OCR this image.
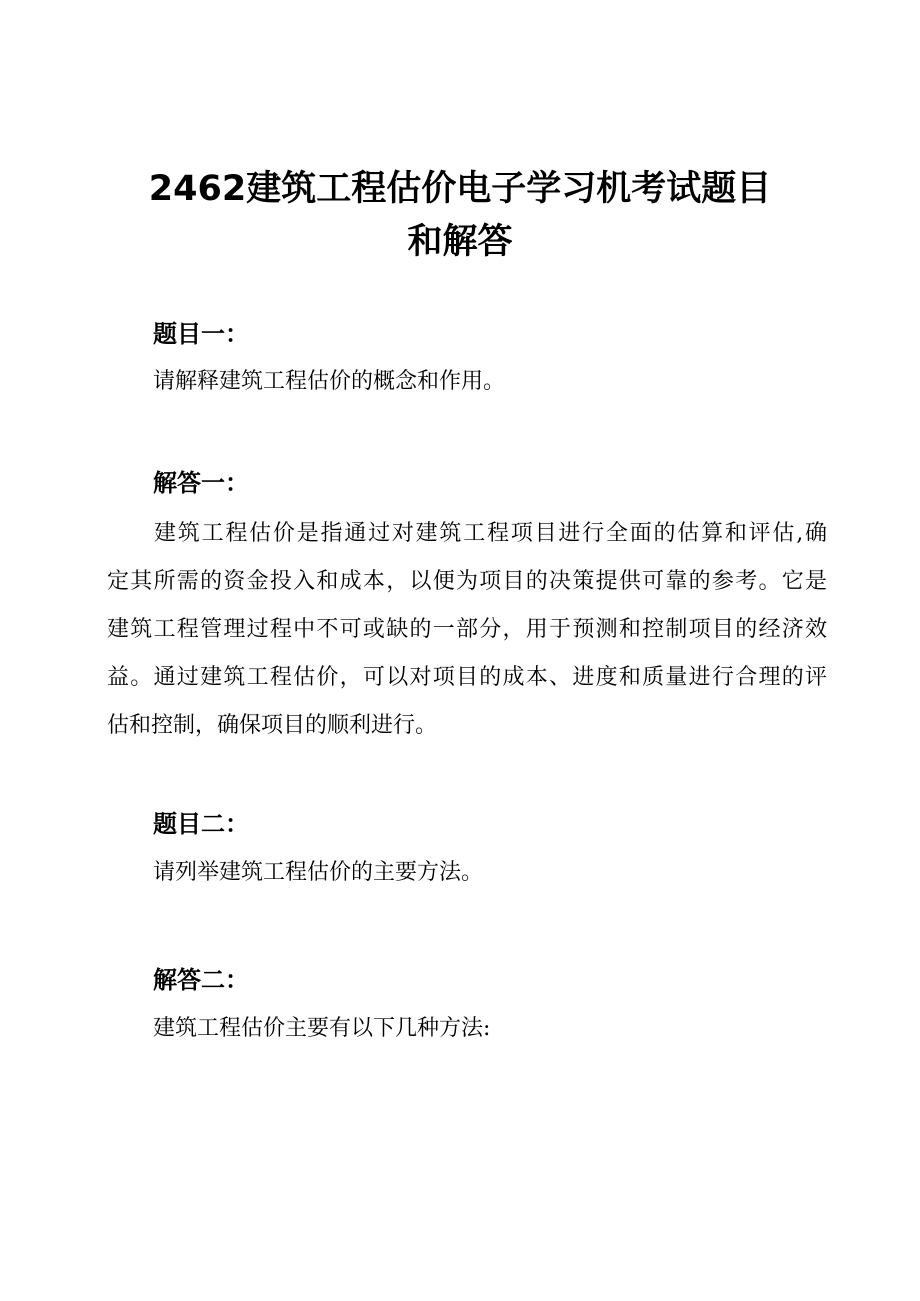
2462建筑工程估价电子学习机考试题目
和解答
题目一：

请解释建筑工程估价的概念和作用。

解答一：
建筑工程估价是指通过对建筑工程项目进行全面的估算和评估,确
定其所需的资金投入和成本，以便为项目的决策提供可靠的参考。它是
建筑工程管理过程中不可或缺的一部分，用于预测和控制项目的经济效
益。通过建筑工程估价，可以对项目的成本、进度和质量进行合理的评
估和控制，确保项目的顺利进行。
题目二：

请列举建筑工程估价的主要方法。

解答二：

建筑工程估价主要有以下几种方法:
